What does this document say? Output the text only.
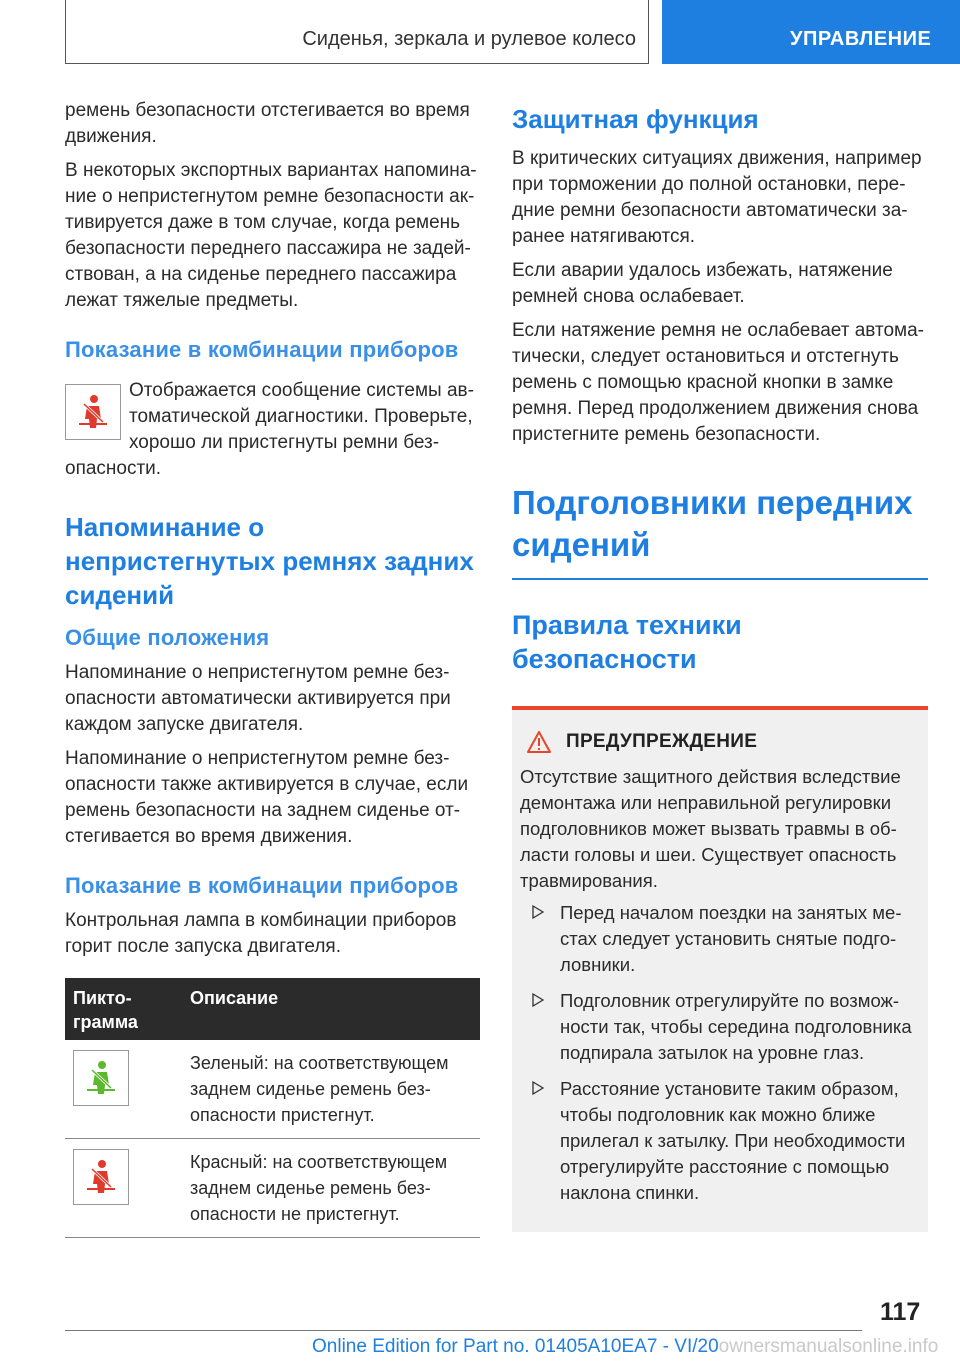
Сиденья, зеркала и рулевое колесо	УПРАВЛЕНИЕ

ремень безопасности отстегивается во время движения.

В некоторых экспортных вариантах напоминание о непристегнутом ремне безопасности активируется даже в том случае, когда ремень безопасности переднего пассажира не задействован, а на сиденье переднего пассажира лежат тяжелые предметы.

Показание в комбинации приборов

Отображается сообщение системы автоматической диагностики. Проверьте, хорошо ли пристегнуты ремни безопасности.

Напоминание о непристегнутых ремнях задних сидений
Общие положения

Напоминание о непристегнутом ремне безопасности автоматически активируется при каждом запуске двигателя.

Напоминание о непристегнутом ремне безопасности также активируется в случае, если ремень безопасности на заднем сиденье отстегивается во время движения.

Показание в комбинации приборов

Контрольная лампа в комбинации приборов горит после запуска двигателя.

Пиктограмма	Описание

	Зеленый: на соответствующем заднем сиденье ремень безопасности пристегнут.

	Красный: на соответствующем заднем сиденье ремень безопасности не пристегнут.
Защитная функция

В критических ситуациях движения, например при торможении до полной остановки, передние ремни безопасности автоматически заранее натягиваются.

Если аварии удалось избежать, натяжение ремней снова ослабевает.

Если натяжение ремня не ослабевает автоматически, следует остановиться и отстегнуть ремень с помощью красной кнопки в замке ремня. Перед продолжением движения снова пристегните ремень безопасности.

Подголовники передних сидений
Правила техники безопасности
ПРЕДУПРЕЖДЕНИЕ

Отсутствие защитного действия вследствие демонтажа или неправильной регулировки подголовников может вызвать травмы в области головы и шеи. Существует опасность травмирования.

Перед началом поездки на занятых местах следует установить снятые подголовники.
Подголовник отрегулируйте по возможности так, чтобы середина подголовника подпирала затылок на уровне глаз.
Расстояние установите таким образом, чтобы подголовник как можно ближе прилегал к затылку. При необходимости отрегулируйте расстояние с помощью наклона спинки.
117
Online Edition for Part no. 01405A10EA7 - VI/20ownersmanualsonline.info
